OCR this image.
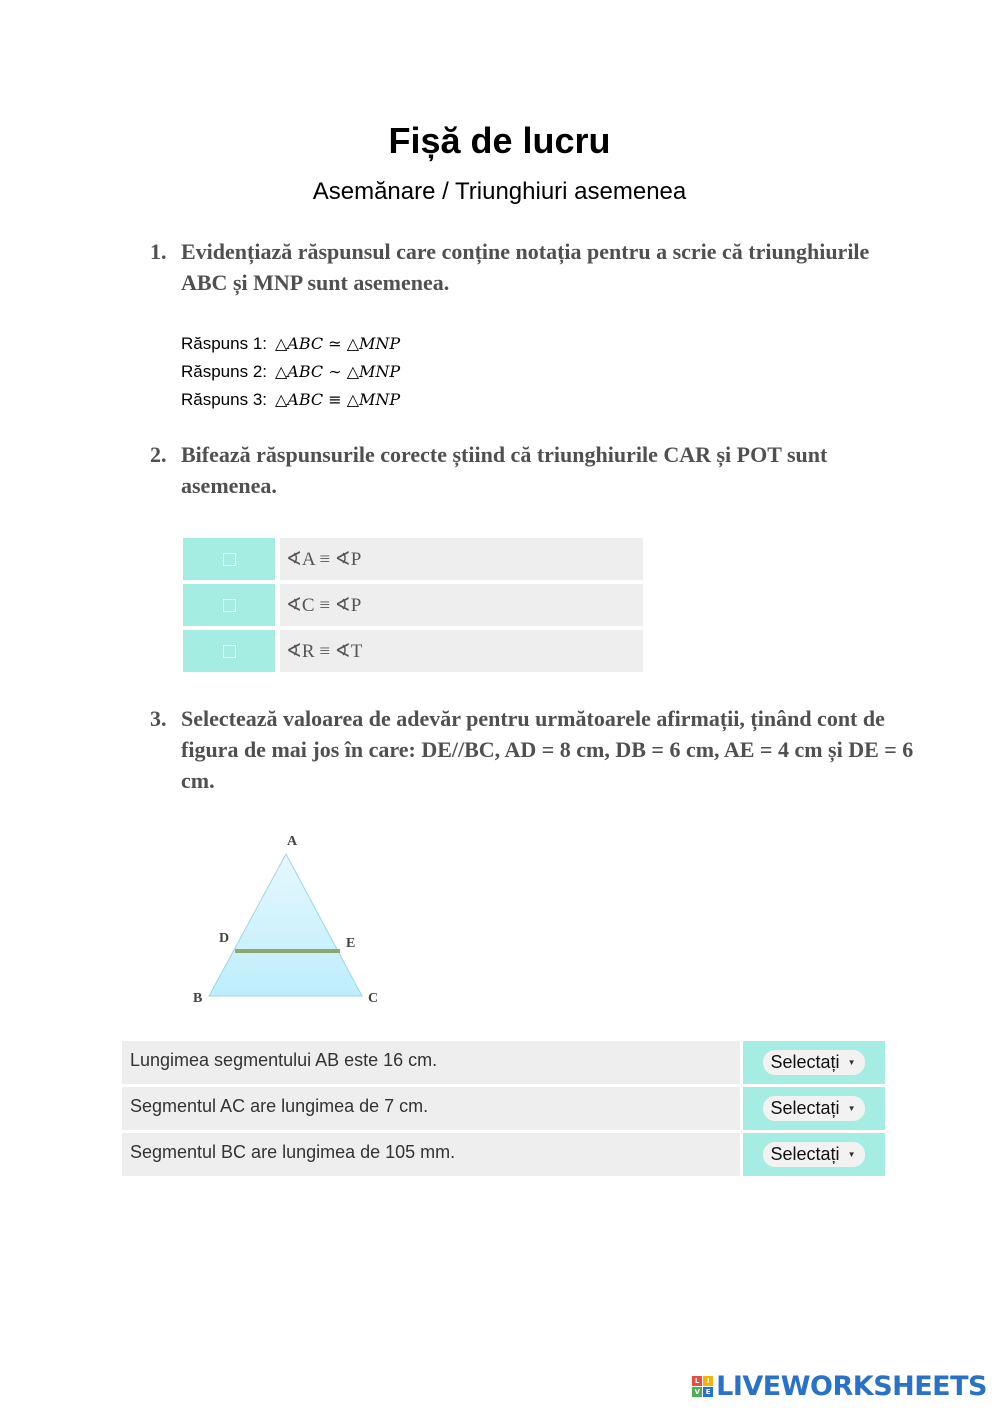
Fișă de lucru
Asemănare / Triunghiuri asemenea
1. Evidențiază răspunsul care conține notația pentru a scrie că triunghiurile ABC și MNP sunt asemenea.
Răspuns 1: △ABC ≃ △MNP
Răspuns 2: △ABC ∼ △MNP
Răspuns 3: △ABC ≡ △MNP
2. Bifează răspunsurile corecte știind că triunghiurile CAR și POT sunt asemenea.
∢A ≡ ∢P
∢C ≡ ∢P
∢R ≡ ∢T
3. Selectează valoarea de adevăr pentru următoarele afirmații, ținând cont de figura de mai jos în care: DE//BC, AD = 8 cm, DB = 6 cm, AE = 4 cm și DE = 6 cm.
A
D	E
B	C
Lungimea segmentului AB este 16 cm.	Selectați ▼
Segmentul AC are lungimea de 7 cm.	Selectați ▼
Segmentul BC are lungimea de 105 mm.	Selectați ▼
L	I
V E LIVEWORKSHEETS
